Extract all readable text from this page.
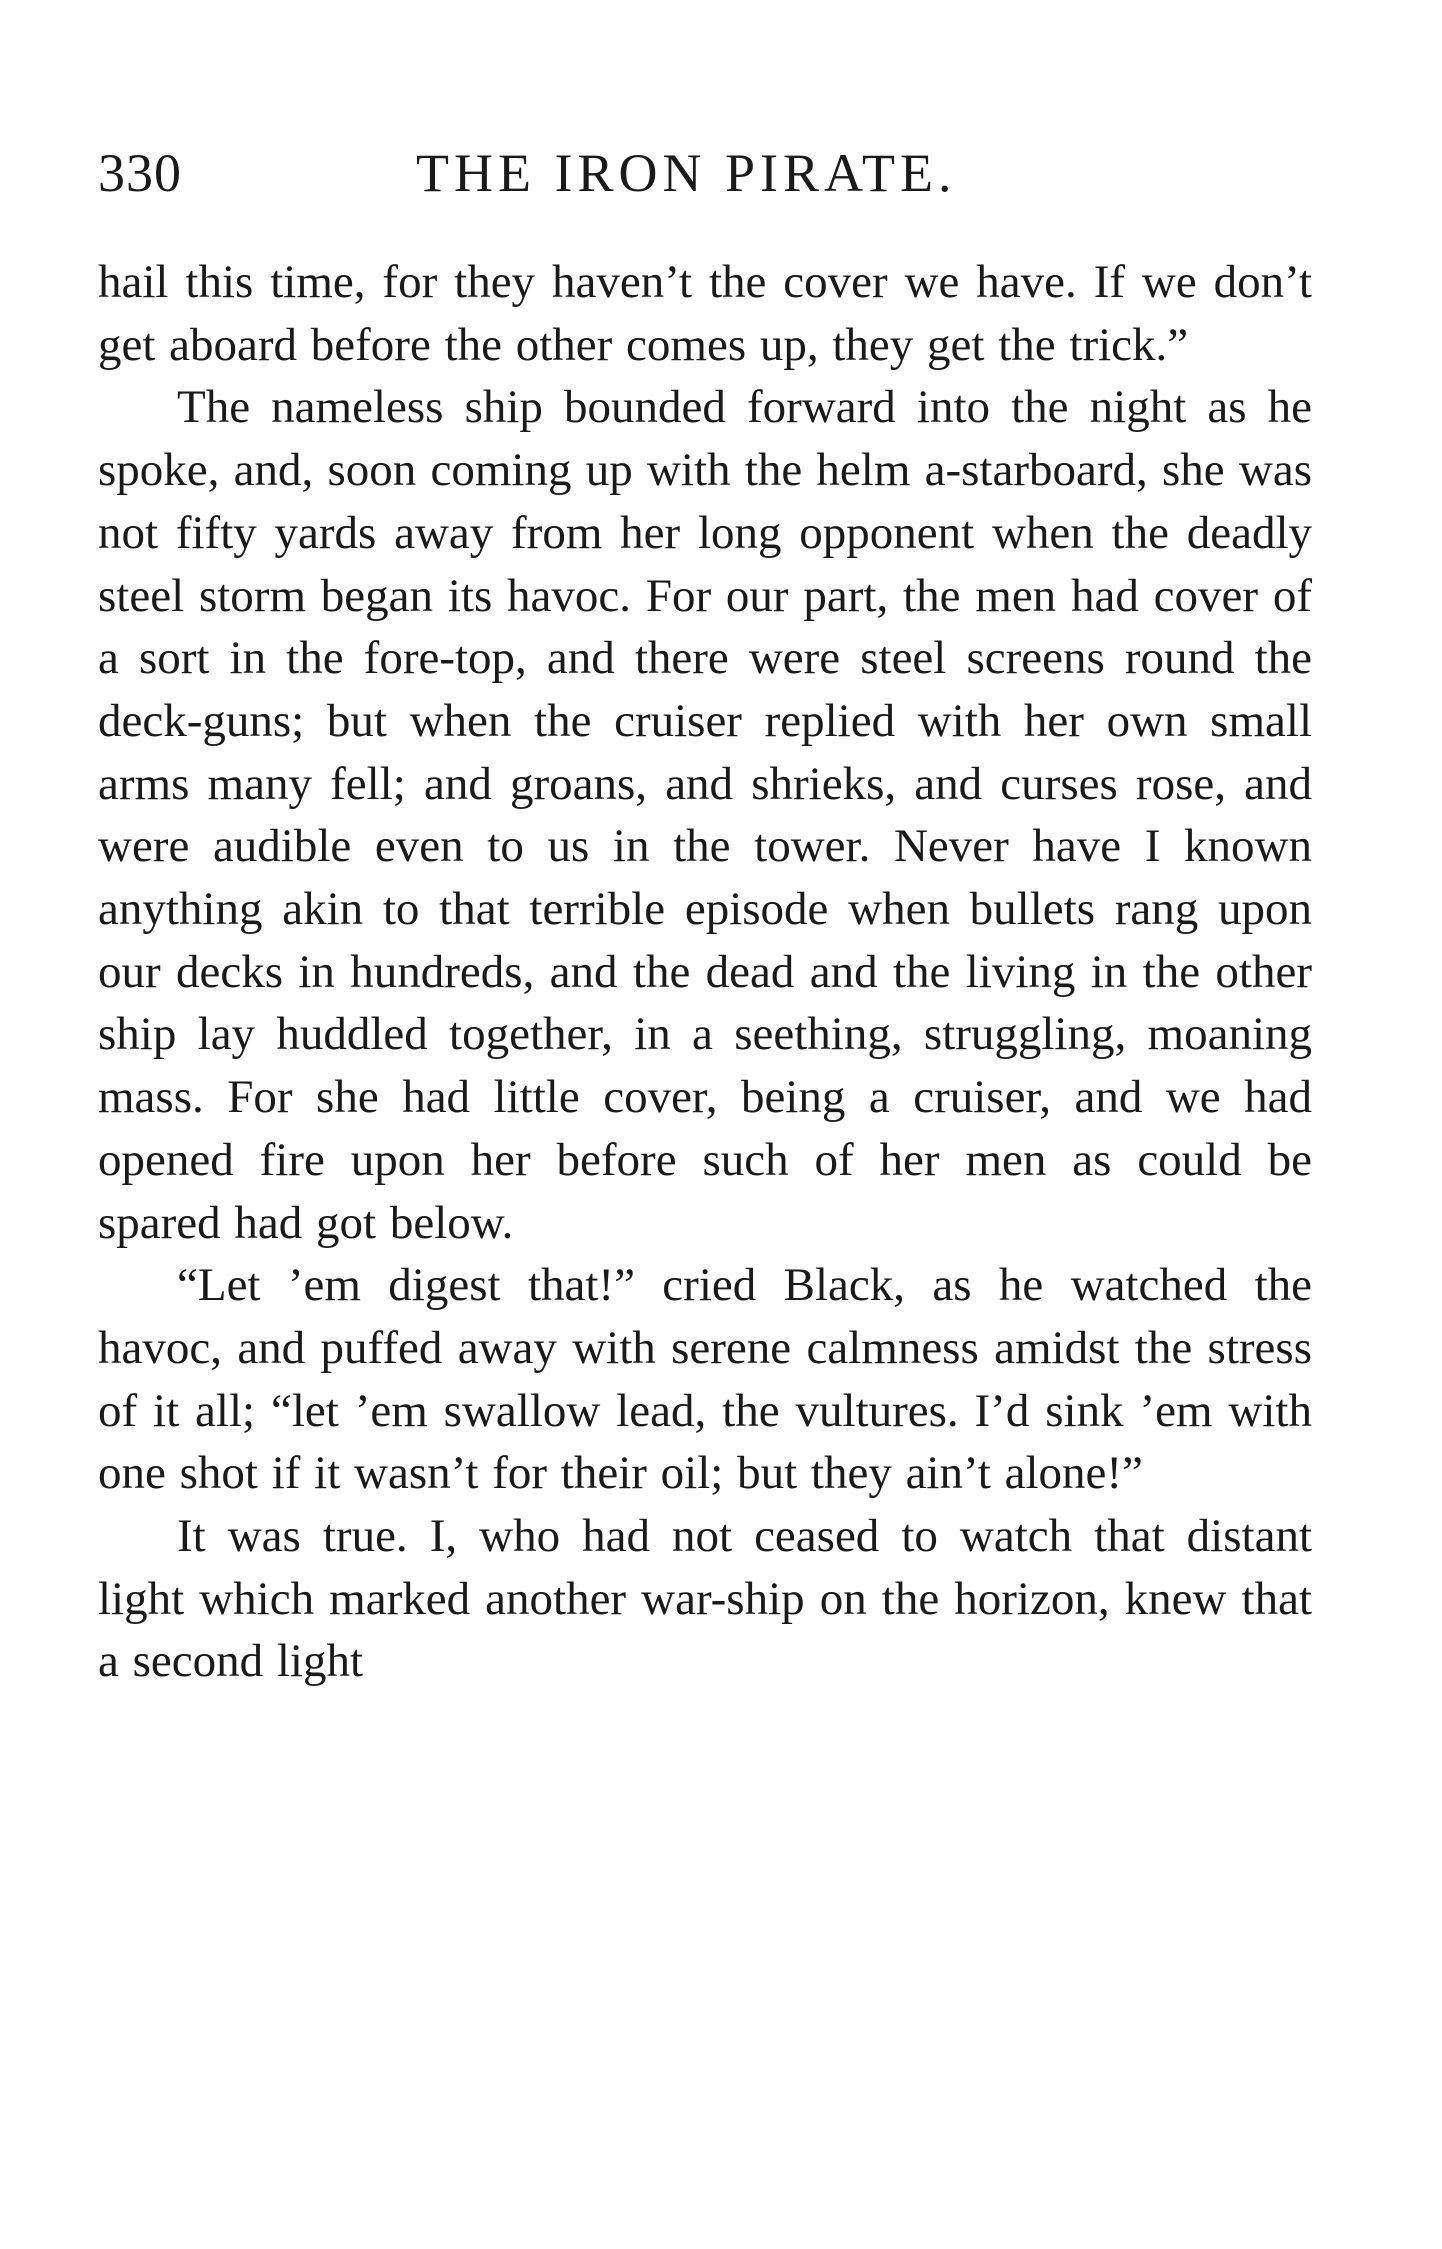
330	THE IRON PIRATE.

hail this time, for they haven’t the cover we have. If we don’t get aboard before the other comes up, they get the trick.”

The nameless ship bounded forward into the night as he spoke, and, soon coming up with the helm a-starboard, she was not fifty yards away from her long opponent when the deadly steel storm began its havoc. For our part, the men had cover of a sort in the fore-top, and there were steel screens round the deck-guns; but when the cruiser replied with her own small arms many fell; and groans, and shrieks, and curses rose, and were audible even to us in the tower. Never have I known anything akin to that terrible episode when bullets rang upon our decks in hundreds, and the dead and the living in the other ship lay huddled together, in a seething, struggling, moaning mass. For she had little cover, being a cruiser, and we had opened fire upon her before such of her men as could be spared had got below.

“Let ’em digest that!” cried Black, as he watched the havoc, and puffed away with serene calmness amidst the stress of it all; “let ’em swallow lead, the vultures. I’d sink ’em with one shot if it wasn’t for their oil; but they ain’t alone!”

It was true. I, who had not ceased to watch that distant light which marked another war-ship on the horizon, knew that a second light
